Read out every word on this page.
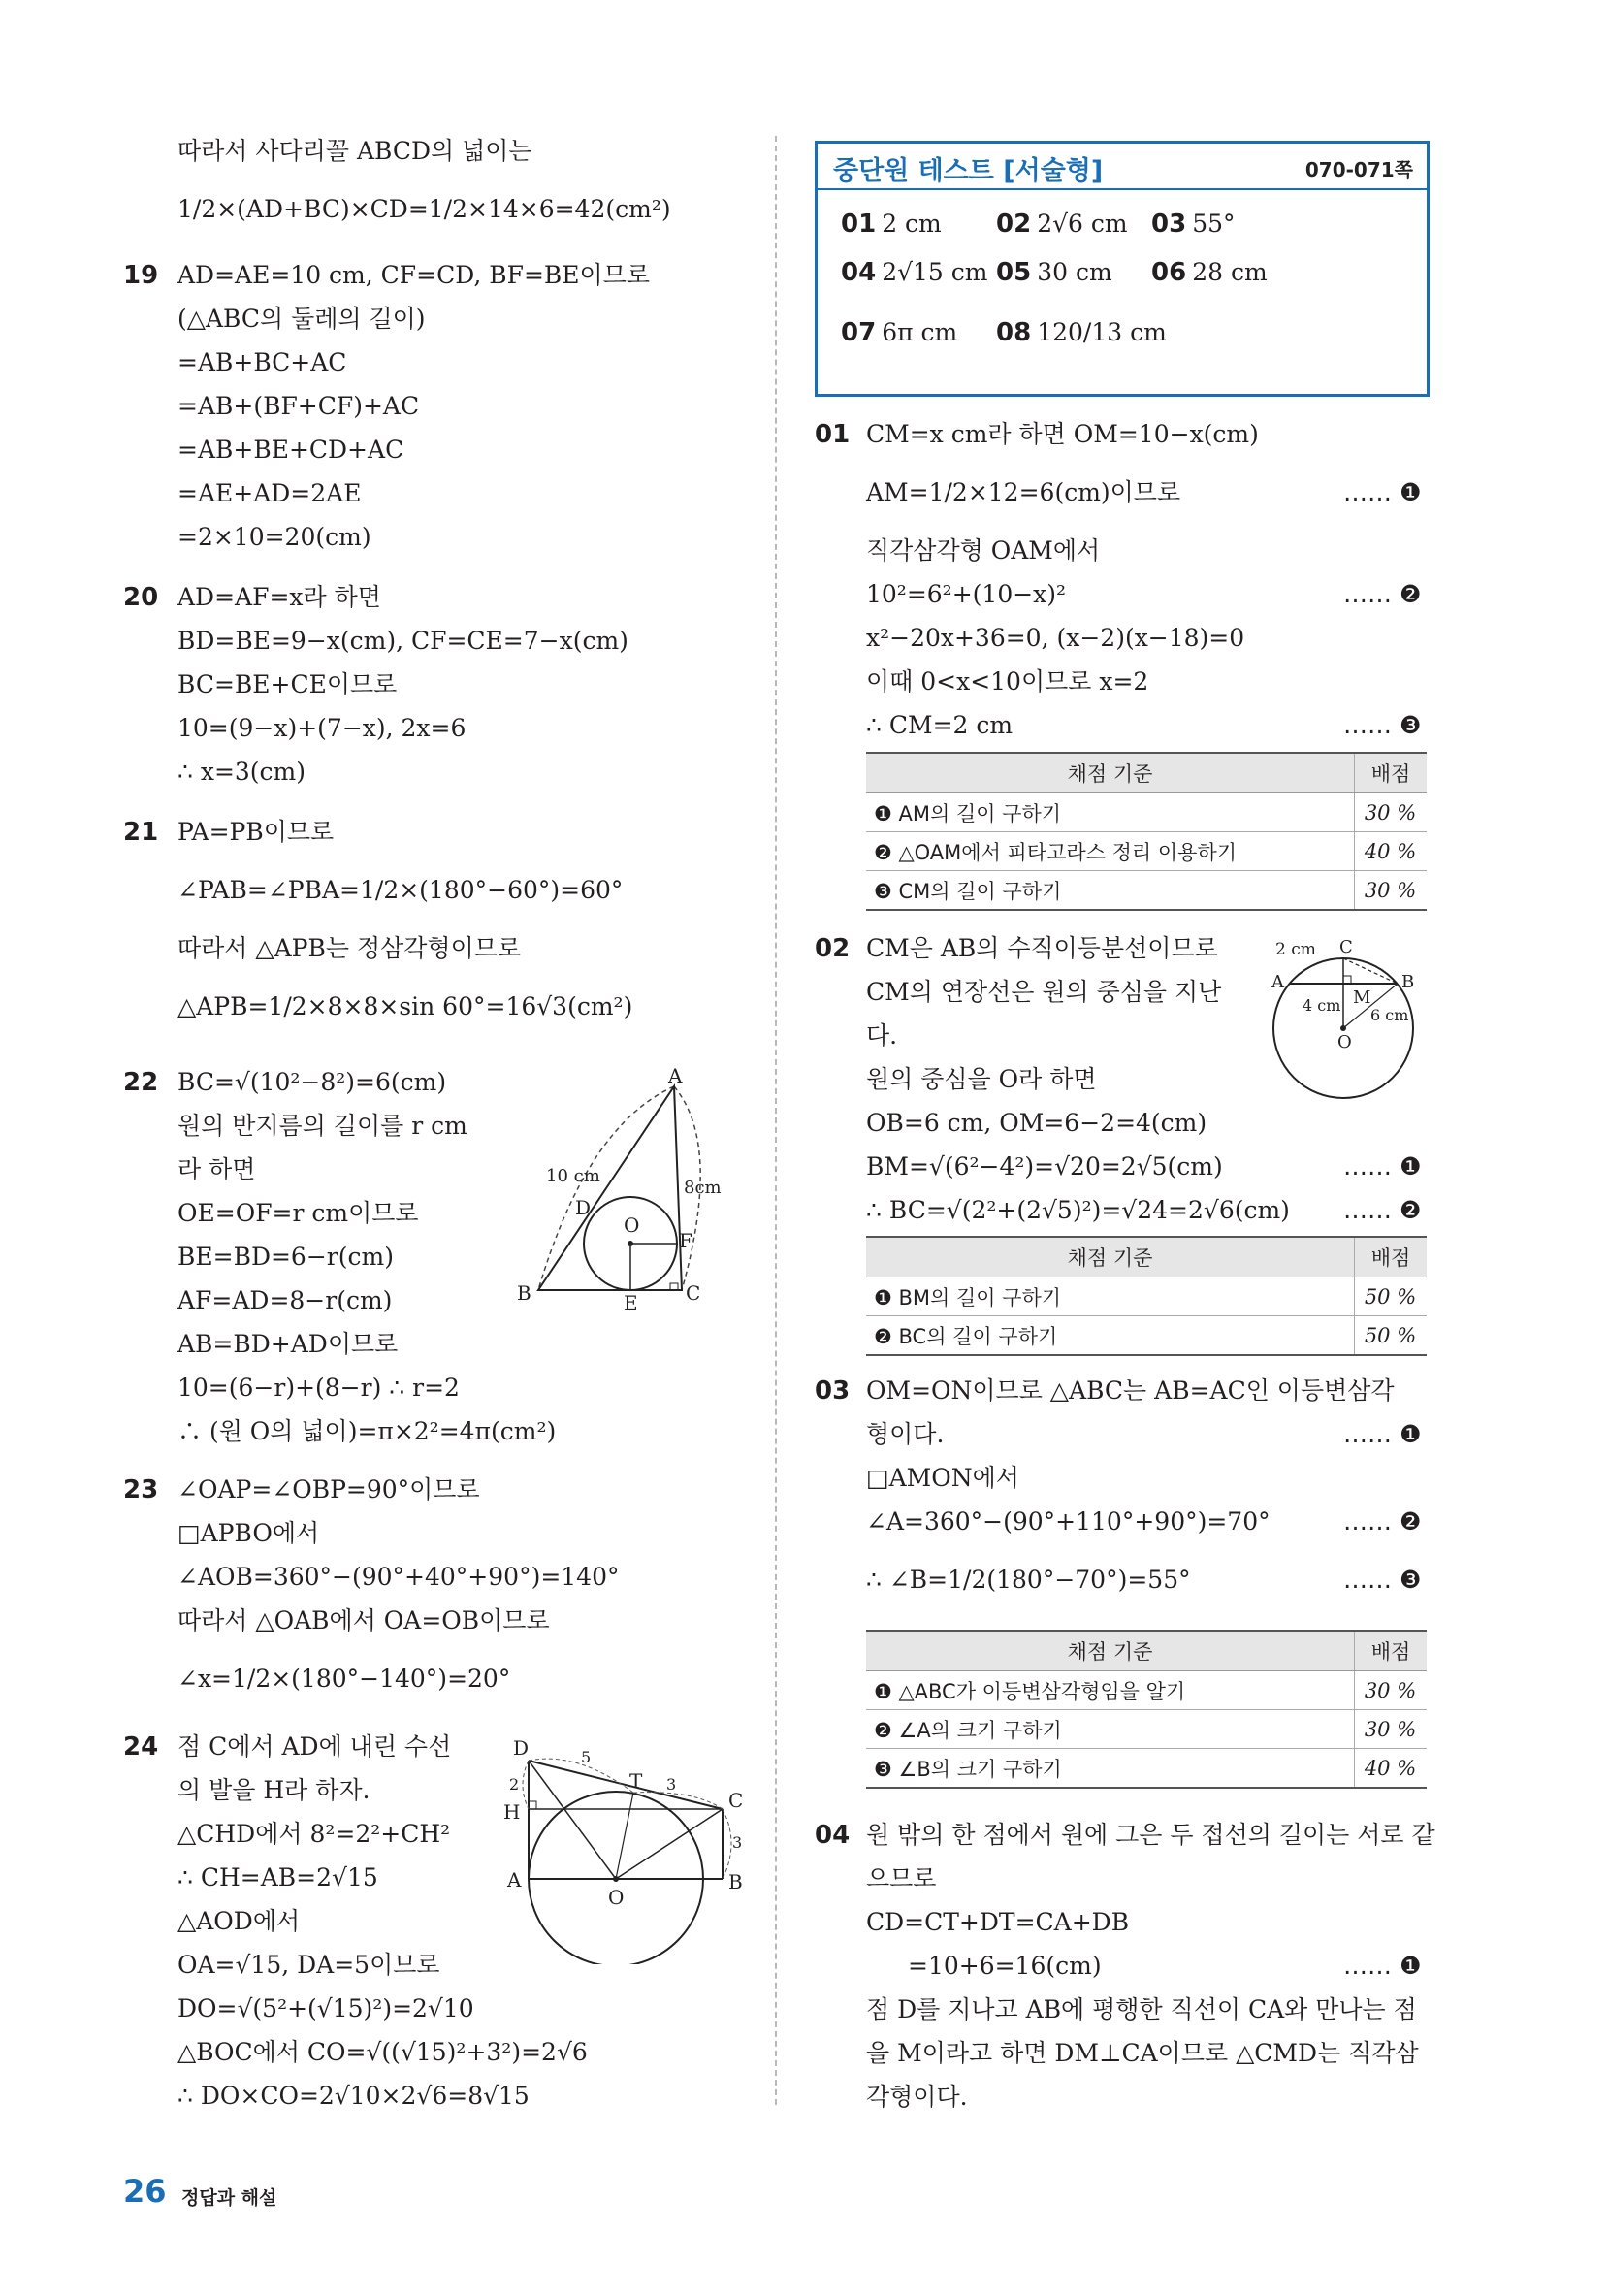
따라서 사다리꼴 ABCD의 넓이는
1/2×(AD+BC)×CD=1/2×14×6=42(cm²)
19 AD=AE=10 cm, CF=CD, BF=BE이므로
(△ABC의 둘레의 길이)
=AB+BC+AC
=AB+(BF+CF)+AC
=AB+BE+CD+AC
=AE+AD=2AE
=2×10=20(cm)
20 AD=AF=x라 하면
BD=BE=9−x(cm), CF=CE=7−x(cm)
BC=BE+CE이므로
10=(9−x)+(7−x), 2x=6
∴ x=3(cm)
21 PA=PB이므로
∠PAB=∠PBA=1/2×(180°−60°)=60°
따라서 △APB는 정삼각형이므로
△APB=1/2×8×8×sin 60°=16√3(cm²)
22 BC=√(10²−8²)=6(cm)
원의 반지름의 길이를 r cm
라 하면
OE=OF=r cm이므로
BE=BD=6−r(cm)
AF=AD=8−r(cm)
AB=BD+AD이므로
10=(6−r)+(8−r) ∴ r=2
∴ (원 O의 넓이)=π×2²=4π(cm²)
A
B	C
D
E
F
O
10 cm
8cm
23 ∠OAP=∠OBP=90°이므로
□APBO에서
∠AOB=360°−(90°+40°+90°)=140°
따라서 △OAB에서 OA=OB이므로
∠x=1/2×(180°−140°)=20°
24 점 C에서 AD에 내린 수선
의 발을 H라 하자.
△CHD에서 8²=2²+CH²
∴ CH=AB=2√15
△AOD에서
OA=√15, DA=5이므로
DO=√(5²+(√15)²)=2√10
△BOC에서 CO=√((√15)²+3²)=2√6
∴ DO×CO=2√10×2√6=8√15
D
T
C
H
A
O
B
5
3
2
3
중단원 테스트 [서술형]	070-071쪽
01 2 cm 02 2√6 cm 03 55°
04 2√15 cm 05 30 cm 06 28 cm
07 6π cm 08 120/13 cm
01 CM=x cm라 하면 OM=10−x(cm)
AM=1/2×12=6(cm)이므로	…… ❶
직각삼각형 OAM에서
10²=6²+(10−x)²	…… ❷
x²−20x+36=0, (x−2)(x−18)=0
이때 0<x<10이므로 x=2
∴ CM=2 cm	…… ❸
02 CM은 AB의 수직이등분선이므로
CM의 연장선은 원의 중심을 지난
다.
원의 중심을 O라 하면
OB=6 cm, OM=6−2=4(cm)
BM=√(6²−4²)=√20=2√5(cm)	…… ❶
∴ BC=√(2²+(2√5)²)=√24=2√6(cm) …… ❷
2 cm C
A	B
M
4 cm
6 cm
O
03 OM=ON이므로 △ABC는 AB=AC인 이등변삼각
형이다.	…… ❶
□AMON에서
∠A=360°−(90°+110°+90°)=70°	…… ❷
∴ ∠B=1/2(180°−70°)=55°	…… ❸
04 원 밖의 한 점에서 원에 그은 두 접선의 길이는 서로 같
으므로
CD=CT+DT=CA+DB
=10+6=16(cm)	…… ❶
점 D를 지나고 AB에 평행한 직선이 CA와 만나는 점
을 M이라고 하면 DM⊥CA이므로 △CMD는 직각삼
각형이다.
채점 기준	배점
❶ AM의 길이 구하기	30 %
❷ △OAM에서 피타고라스 정리 이용하기	40 %
❸ CM의 길이 구하기	30 %
채점 기준	배점
❶ BM의 길이 구하기	50 %
❷ BC의 길이 구하기	50 %
채점 기준	배점
❶ △ABC가 이등변삼각형임을 알기	30 %
❷ ∠A의 크기 구하기	30 %
❸ ∠B의 크기 구하기	40 %
26 정답과 해설
